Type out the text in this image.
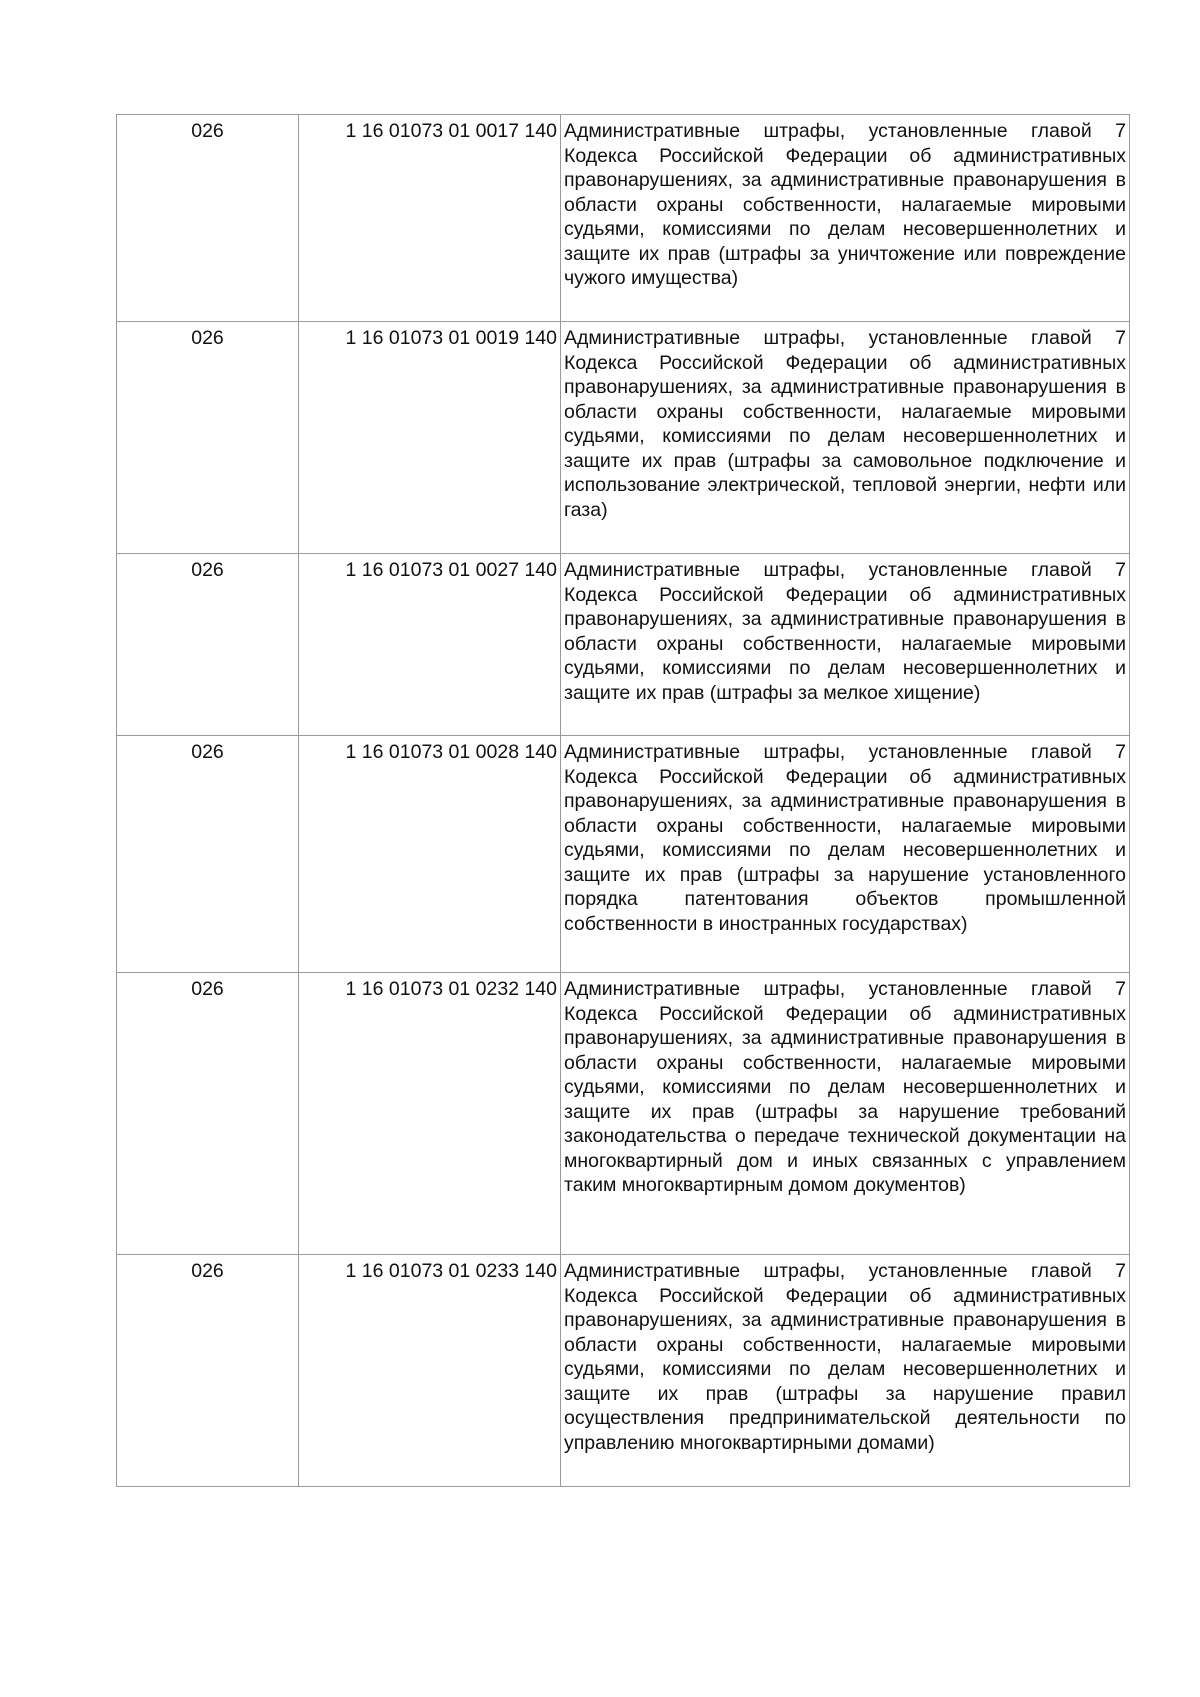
026	1 16 01073 01 0017 140	Административные штрафы, установленные главой 7 Кодекса Российской Федерации об административных правонарушениях, за административные правонарушения в области охраны собственности, налагаемые мировыми судьями, комиссиями по делам несовершеннолетних и защите их прав (штрафы за уничтожение или повреждение чужого имущества)
026	1 16 01073 01 0019 140	Административные штрафы, установленные главой 7 Кодекса Российской Федерации об административных правонарушениях, за административные правонарушения в области охраны собственности, налагаемые мировыми судьями, комиссиями по делам несовершеннолетних и защите их прав (штрафы за самовольное подключение и использование электрической, тепловой энергии, нефти или газа)
026	1 16 01073 01 0027 140	Административные штрафы, установленные главой 7 Кодекса Российской Федерации об административных правонарушениях, за административные правонарушения в области охраны собственности, налагаемые мировыми судьями, комиссиями по делам несовершеннолетних и защите их прав (штрафы за мелкое хищение)
026	1 16 01073 01 0028 140	Административные штрафы, установленные главой 7 Кодекса Российской Федерации об административных правонарушениях, за административные правонарушения в области охраны собственности, налагаемые мировыми судьями, комиссиями по делам несовершеннолетних и защите их прав (штрафы за нарушение установленного порядка патентования объектов промышленной собственности в иностранных государствах)
026	1 16 01073 01 0232 140	Административные штрафы, установленные главой 7 Кодекса Российской Федерации об административных правонарушениях, за административные правонарушения в области охраны собственности, налагаемые мировыми судьями, комиссиями по делам несовершеннолетних и защите их прав (штрафы за нарушение требований законодательства о передаче технической документации на многоквартирный дом и иных связанных с управлением таким многоквартирным домом документов)
026	1 16 01073 01 0233 140	Административные штрафы, установленные главой 7 Кодекса Российской Федерации об административных правонарушениях, за административные правонарушения в области охраны собственности, налагаемые мировыми судьями, комиссиями по делам несовершеннолетних и защите их прав (штрафы за нарушение правил осуществления предпринимательской деятельности по управлению многоквартирными домами)
